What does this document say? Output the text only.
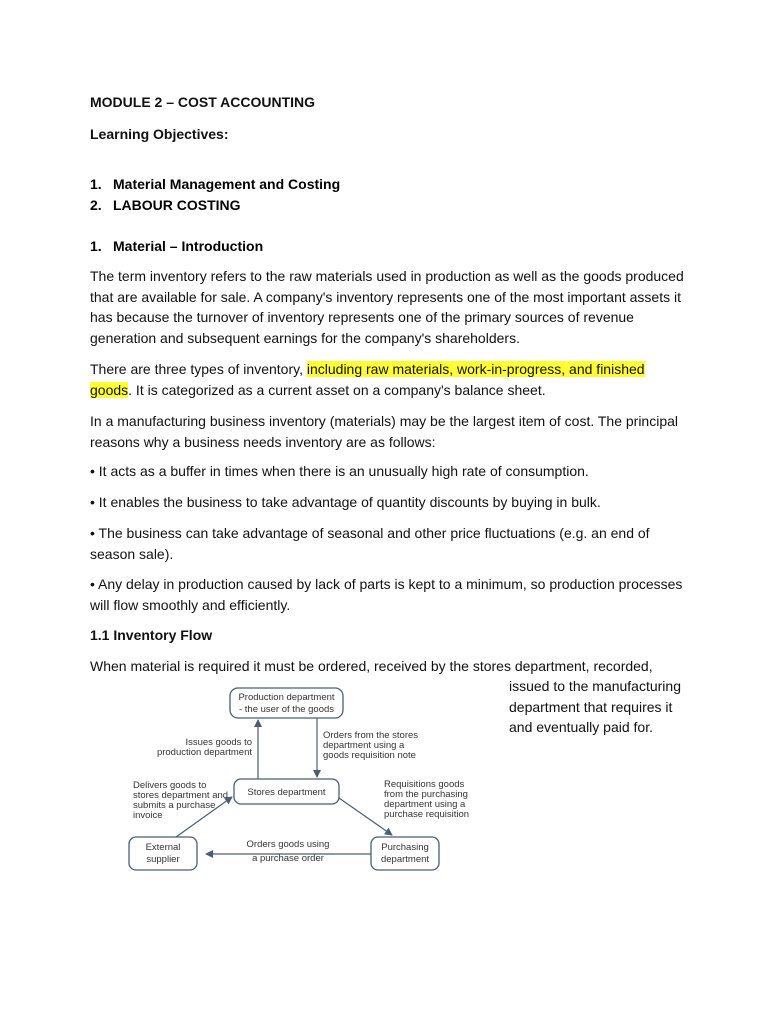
MODULE 2 – COST ACCOUNTING
Learning Objectives:
1. Material Management and Costing
2. LABOUR COSTING
1. Material – Introduction
The term inventory refers to the raw materials used in production as well as the goods produced that are available for sale. A company's inventory represents one of the most important assets it has because the turnover of inventory represents one of the primary sources of revenue generation and subsequent earnings for the company's shareholders.
There are three types of inventory, including raw materials, work-in-progress, and finished goods. It is categorized as a current asset on a company's balance sheet.
In a manufacturing business inventory (materials) may be the largest item of cost. The principal reasons why a business needs inventory are as follows:
• It acts as a buffer in times when there is an unusually high rate of consumption.
• It enables the business to take advantage of quantity discounts by buying in bulk.
• The business can take advantage of seasonal and other price fluctuations (e.g. an end of season sale).
• Any delay in production caused by lack of parts is kept to a minimum, so production processes will flow smoothly and efficiently.
1.1 Inventory Flow
When material is required it must be ordered, received by the stores department, recorded,
issued to the manufacturing department that requires it and eventually paid for.
Production department
- the user of the goods
Stores department
External
supplier
Purchasing
department
Issues goods to
production department
Orders from the stores
department using a
goods requisition note
Delivers goods to
stores department and
submits a purchase
invoice
Requisitions goods
from the purchasing
department using a
purchase requisition
Orders goods using
a purchase order
